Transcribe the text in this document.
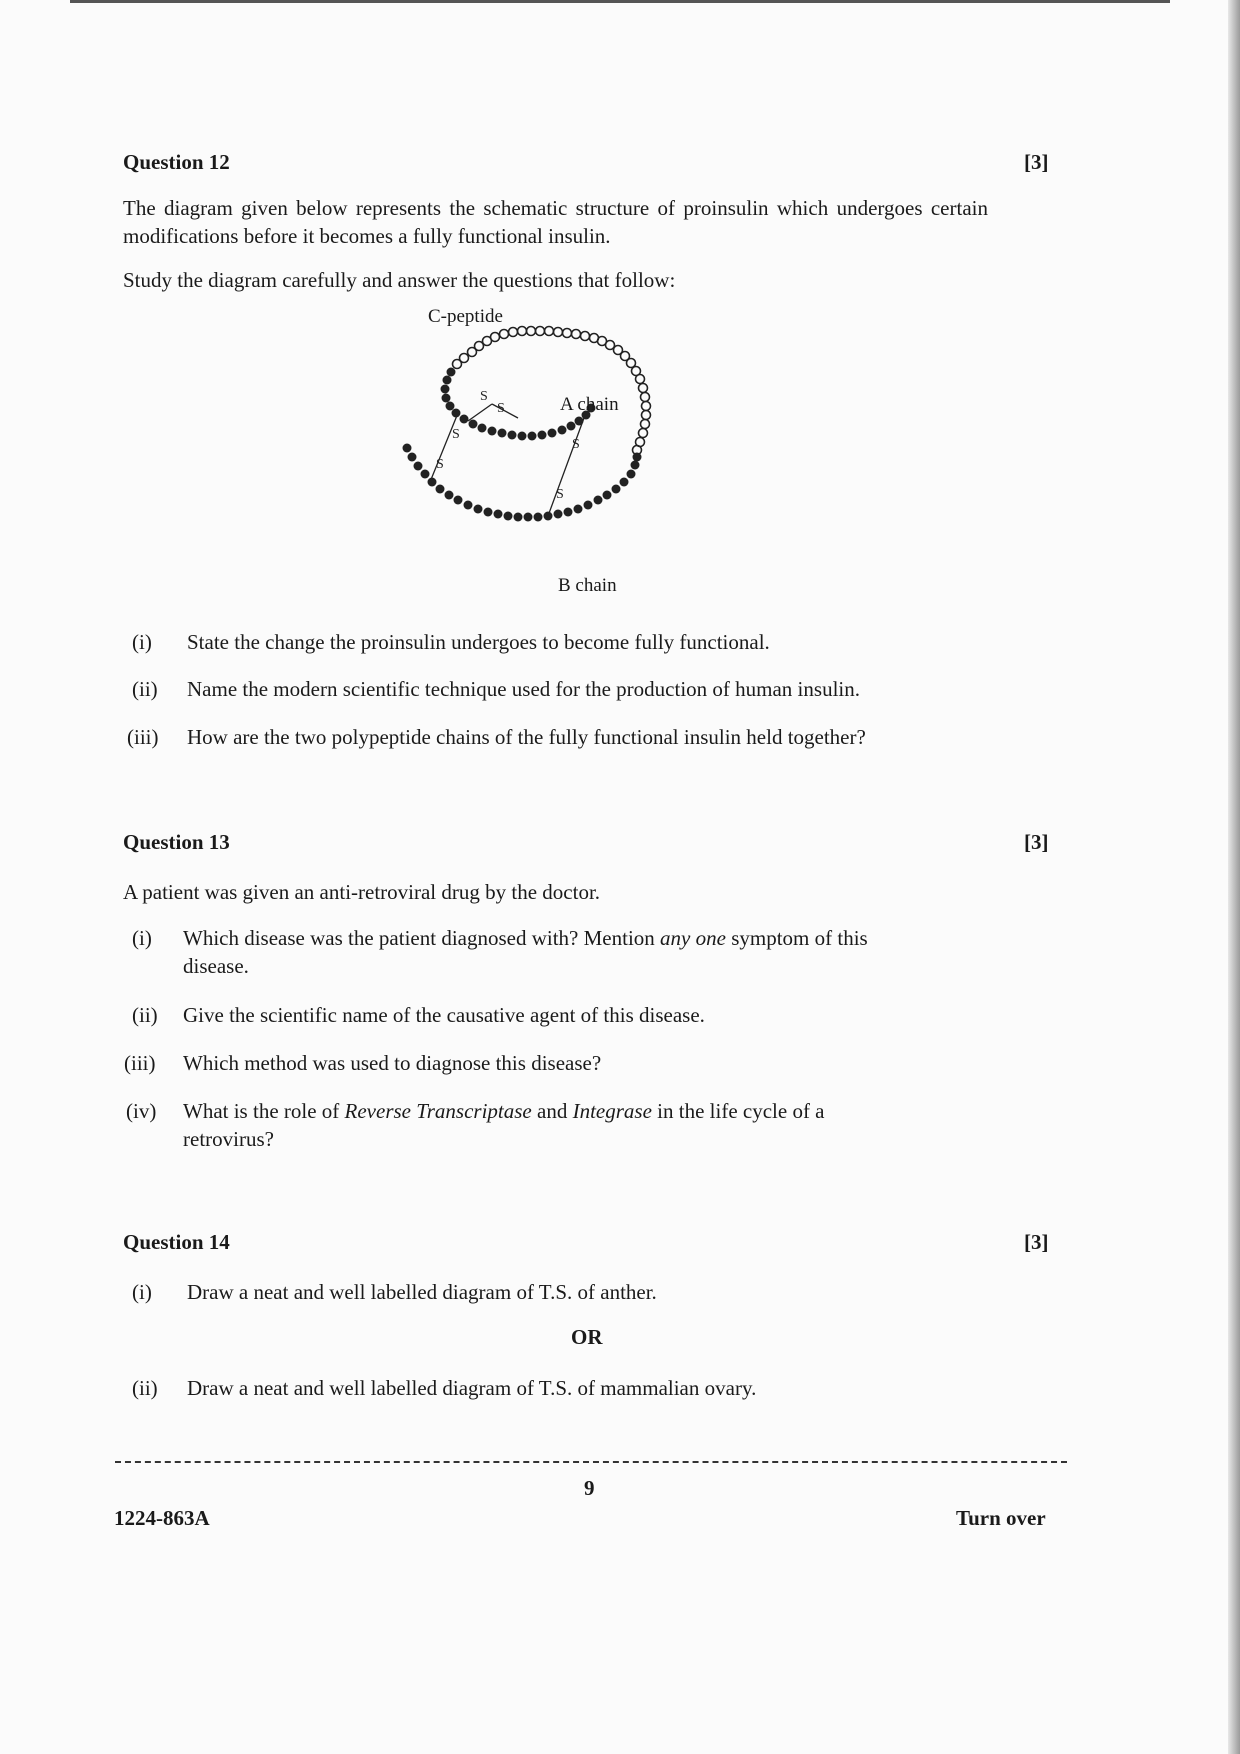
Question 12	[3]
The diagram given below represents the schematic structure of proinsulin which undergoes certain modifications before it becomes a fully functional insulin.
Study the diagram carefully and answer the questions that follow:
S
S
S
S
S
S
C-peptide
A chain
B chain
(i) State the change the proinsulin undergoes to become fully functional.
(ii) Name the modern scientific technique used for the production of human insulin.
(iii) How are the two polypeptide chains of the fully functional insulin held together?
Question 13	[3]
A patient was given an anti-retroviral drug by the doctor.
(i) Which disease was the patient diagnosed with? Mention any one symptom of this
disease.
(ii) Give the scientific name of the causative agent of this disease.
(iii) Which method was used to diagnose this disease?
(iv) What is the role of Reverse Transcriptase and Integrase in the life cycle of a
retrovirus?
Question 14	[3]
(i) Draw a neat and well labelled diagram of T.S. of anther.
OR
(ii) Draw a neat and well labelled diagram of T.S. of mammalian ovary.
9
1224-863A	Turn over
